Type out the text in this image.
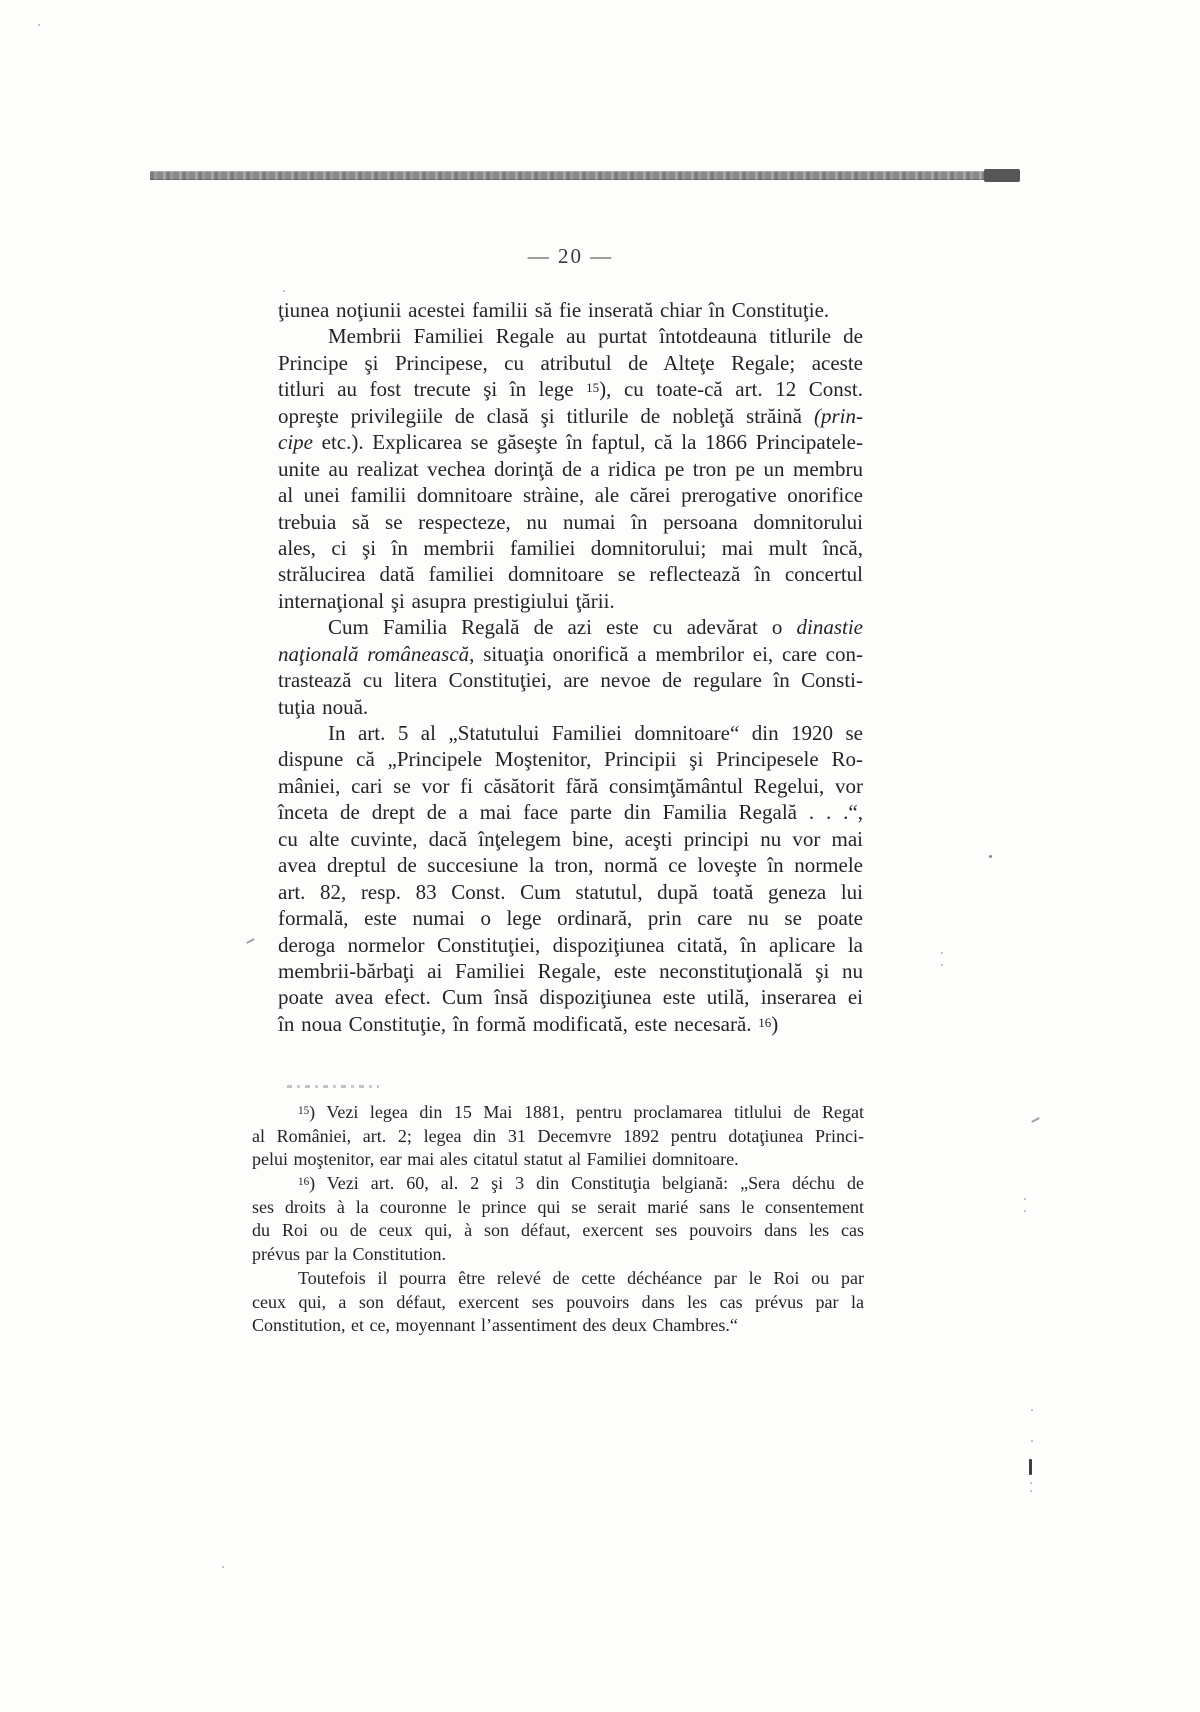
— 20 —
ţiunea noţiunii acestei familii să fie inserată chiar în Constituţie.
Membrii Familiei Regale au purtat întotdeauna titlurile de
Principe şi Principese, cu atributul de Alteţe Regale; aceste
titluri au fost trecute şi în lege $^{15}$), cu toate-că art. 12 Const.
opreşte privilegiile de clasă şi titlurile de nobleţă străină (prin-
cipe etc.). Explicarea se găseşte în faptul, că la 1866 Principatele-
unite au realizat vechea dorinţă de a ridica pe tron pe un membru
al unei familii domnitoare stràine, ale cărei prerogative onorifice
trebuia să se respecteze, nu numai în persoana domnitorului
ales, ci şi în membrii familiei domnitorului; mai mult încă,
strălucirea dată familiei domnitoare se reflectează în concertul
internaţional şi asupra prestigiului ţării.
Cum Familia Regală de azi este cu adevărat o dinastie
naţională românească, situaţia onorifică a membrilor ei, care con-
trastează cu litera Constituţiei, are nevoe de regulare în Consti-
tuţia nouă.
In art. 5 al „Statutului Familiei domnitoare“ din 1920 se
dispune că „Principele Moştenitor, Principii şi Principesele Ro-
mâniei, cari se vor fi căsătorit fără consimţământul Regelui, vor
înceta de drept de a mai face parte din Familia Regală . . .“,
cu alte cuvinte, dacă înţelegem bine, aceşti principi nu vor mai
avea dreptul de succesiune la tron, normă ce loveşte în normele
art. 82, resp. 83 Const. Cum statutul, după toată geneza lui
formală, este numai o lege ordinară, prin care nu se poate
deroga normelor Constituţiei, dispoziţiunea citată, în aplicare la
membrii-bărbaţi ai Familiei Regale, este neconstituţională şi nu
poate avea efect. Cum însă dispoziţiunea este utilă, inserarea ei
în noua Constituţie, în formă modificată, este necesară. $^{16}$)
$^{15}$) Vezi legea din 15 Mai 1881, pentru proclamarea titlului de Regat
al României, art. 2; legea din 31 Decemvre 1892 pentru dotaţiunea Princi-
pelui moştenitor, ear mai ales citatul statut al Familiei domnitoare.
$^{16}$) Vezi art. 60, al. 2 şi 3 din Constituţia belgiană: „Sera déchu de
ses droits à la couronne le prince qui se serait marié sans le consentement
du Roi ou de ceux qui, à son défaut, exercent ses pouvoirs dans les cas
prévus par la Constitution.
Toutefois il pourra être relevé de cette déchéance par le Roi ou par
ceux qui, a son défaut, exercent ses pouvoirs dans les cas prévus par la
Constitution, et ce, moyennant l’assentiment des deux Chambres.“
